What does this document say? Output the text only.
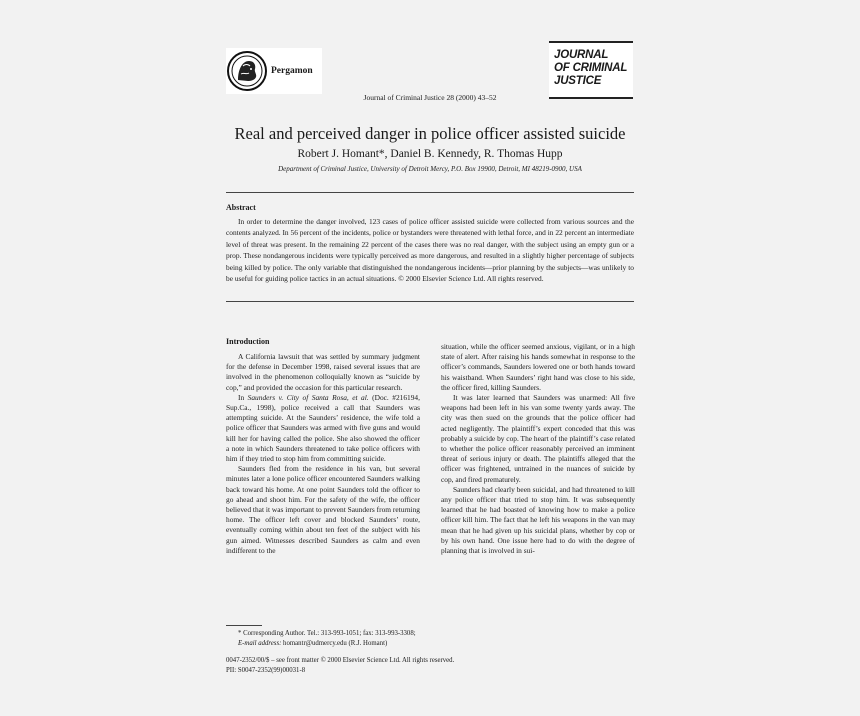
Pergamon
JOURNAL
OF CRIMINAL
JUSTICE
Journal of Criminal Justice 28 (2000) 43–52
Real and perceived danger in police officer assisted suicide
Robert J. Homant*, Daniel B. Kennedy, R. Thomas Hupp
Department of Criminal Justice, University of Detroit Mercy, P.O. Box 19900, Detroit, MI 48219-0900, USA
Abstract
In order to determine the danger involved, 123 cases of police officer assisted suicide were collected from various sources and the contents analyzed. In 56 percent of the incidents, police or bystanders were threatened with lethal force, and in 22 percent an intermediate level of threat was present. In the remaining 22 percent of the cases there was no real danger, with the subject using an empty gun or a prop. These nondangerous incidents were typically perceived as more dangerous, and resulted in a slightly higher percentage of subjects being killed by police. The only variable that distinguished the nondangerous incidents—prior planning by the subjects—was unlikely to be useful for guiding police tactics in an actual situations. © 2000 Elsevier Science Ltd. All rights reserved.
Introduction

A California lawsuit that was settled by summary judgment for the defense in December 1998, raised several issues that are involved in the phenomenon colloquially known as “suicide by cop,” and provided the occasion for this particular research.

In Saunders v. City of Santa Rosa, et al. (Doc. #216194, Sup.Ca., 1998), police received a call that Saunders was attempting suicide. At the Saunders’ residence, the wife told a police officer that Saunders was armed with five guns and would kill her for having called the police. She also showed the officer a note in which Saunders threatened to take police officers with him if they tried to stop him from committing suicide.

Saunders fled from the residence in his van, but several minutes later a lone police officer encountered Saunders walking back toward his home. At one point Saunders told the officer to go ahead and shoot him. For the safety of the wife, the officer believed that it was important to prevent Saunders from returning home. The officer left cover and blocked Saunders’ route, eventually coming within about ten feet of the subject with his gun aimed. Witnesses described Saunders as calm and even indifferent to the

situation, while the officer seemed anxious, vigilant, or in a high state of alert. After raising his hands somewhat in response to the officer’s commands, Saunders lowered one or both hands toward his waistband. When Saunders’ right hand was close to his side, the officer fired, killing Saunders.

It was later learned that Saunders was unarmed: All five weapons had been left in his van some twenty yards away. The city was then sued on the grounds that the police officer had acted negligently. The plaintiff’s expert conceded that this was probably a suicide by cop. The heart of the plaintiff’s case related to whether the police officer reasonably perceived an imminent threat of serious injury or death. The plaintiffs alleged that the officer was frightened, untrained in the nuances of suicide by cop, and fired prematurely.

Saunders had clearly been suicidal, and had threatened to kill any police officer that tried to stop him. It was subsequently learned that he had boasted of knowing how to make a police officer kill him. The fact that he left his weapons in the van may mean that he had given up his suicidal plans, whether by cop or by his own hand. One issue here had to do with the degree of planning that is involved in sui-

* Corresponding Author. Tel.: 313-993-1051; fax: 313-993-3308;
E-mail address: homantr@udmercy.edu (R.J. Homant)
0047-2352/00/$ – see front matter © 2000 Elsevier Science Ltd. All rights reserved.
PII: S0047-2352(99)00031-8
